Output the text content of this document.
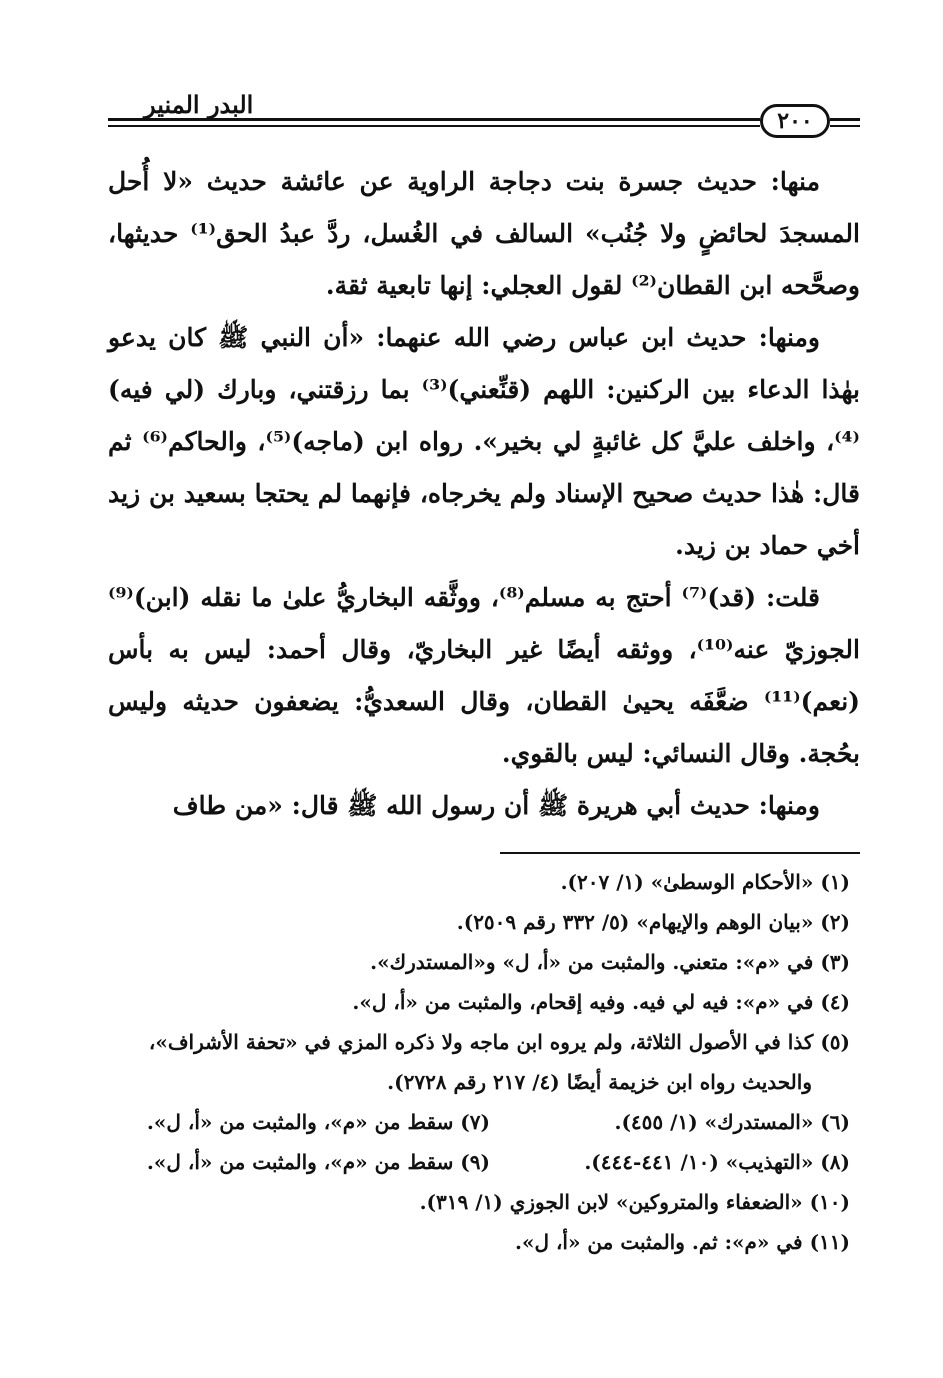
٢٠٠
البدر المنير

منها: حديث جسرة بنت دجاجة الراوية عن عائشة حديث «لا أُحل المسجدَ لحائضٍ ولا جُنُب» السالف في الغُسل، ردَّ عبدُ الحق⁽¹⁾ حديثها، وصحَّحه ابن القطان⁽²⁾ لقول العجلي: إنها تابعية ثقة.

ومنها: حديث ابن عباس رضي الله عنهما: «أن النبي ﷺ كان يدعو بهٰذا الدعاء بين الركنين: اللهم (قنِّعني)⁽³⁾ بما رزقتني، وبارك (لي فيه)⁽⁴⁾، واخلف عليَّ كل غائبةٍ لي بخير». رواه ابن (ماجه)⁽⁵⁾، والحاكم⁽⁶⁾ ثم قال: هٰذا حديث صحيح الإسناد ولم يخرجاه، فإنهما لم يحتجا بسعيد بن زيد أخي حماد بن زيد.

قلت: (قد)⁽⁷⁾ أحتج به مسلم⁽⁸⁾، ووثَّقه البخاريُّ علىٰ ما نقله (ابن)⁽⁹⁾ الجوزيّ عنه⁽¹⁰⁾، ووثقه أيضًا غير البخاريّ، وقال أحمد: ليس به بأس (نعم)⁽¹¹⁾ ضعَّفَه يحيىٰ القطان، وقال السعديُّ: يضعفون حديثه وليس بحُجة. وقال النسائي: ليس بالقوي.

ومنها: حديث أبي هريرة ﷺ أن رسول الله ﷺ قال: «من طاف

(١) «الأحكام الوسطىٰ» (١/ ٢٠٧).
(٢) «بيان الوهم والإيهام» (٥/ ٣٣٢ رقم ٢٥٠٩).
(٣) في «م»: متعني. والمثبت من «أ، ل» و«المستدرك».
(٤) في «م»: فيه لي فيه. وفيه إقحام، والمثبت من «أ، ل».
(٥) كذا في الأصول الثلاثة، ولم يروه ابن ماجه ولا ذكره المزي في «تحفة الأشراف»،
والحديث رواه ابن خزيمة أيضًا (٤/ ٢١٧ رقم ٢٧٢٨).
(٦) «المستدرك» (١/ ٤٥٥).
(٧) سقط من «م»، والمثبت من «أ، ل».
(٨) «التهذيب» (١٠/ ٤٤١-٤٤٤).
(٩) سقط من «م»، والمثبت من «أ، ل».
(١٠) «الضعفاء والمتروكين» لابن الجوزي (١/ ٣١٩).
(١١) في «م»: ثم. والمثبت من «أ، ل».
